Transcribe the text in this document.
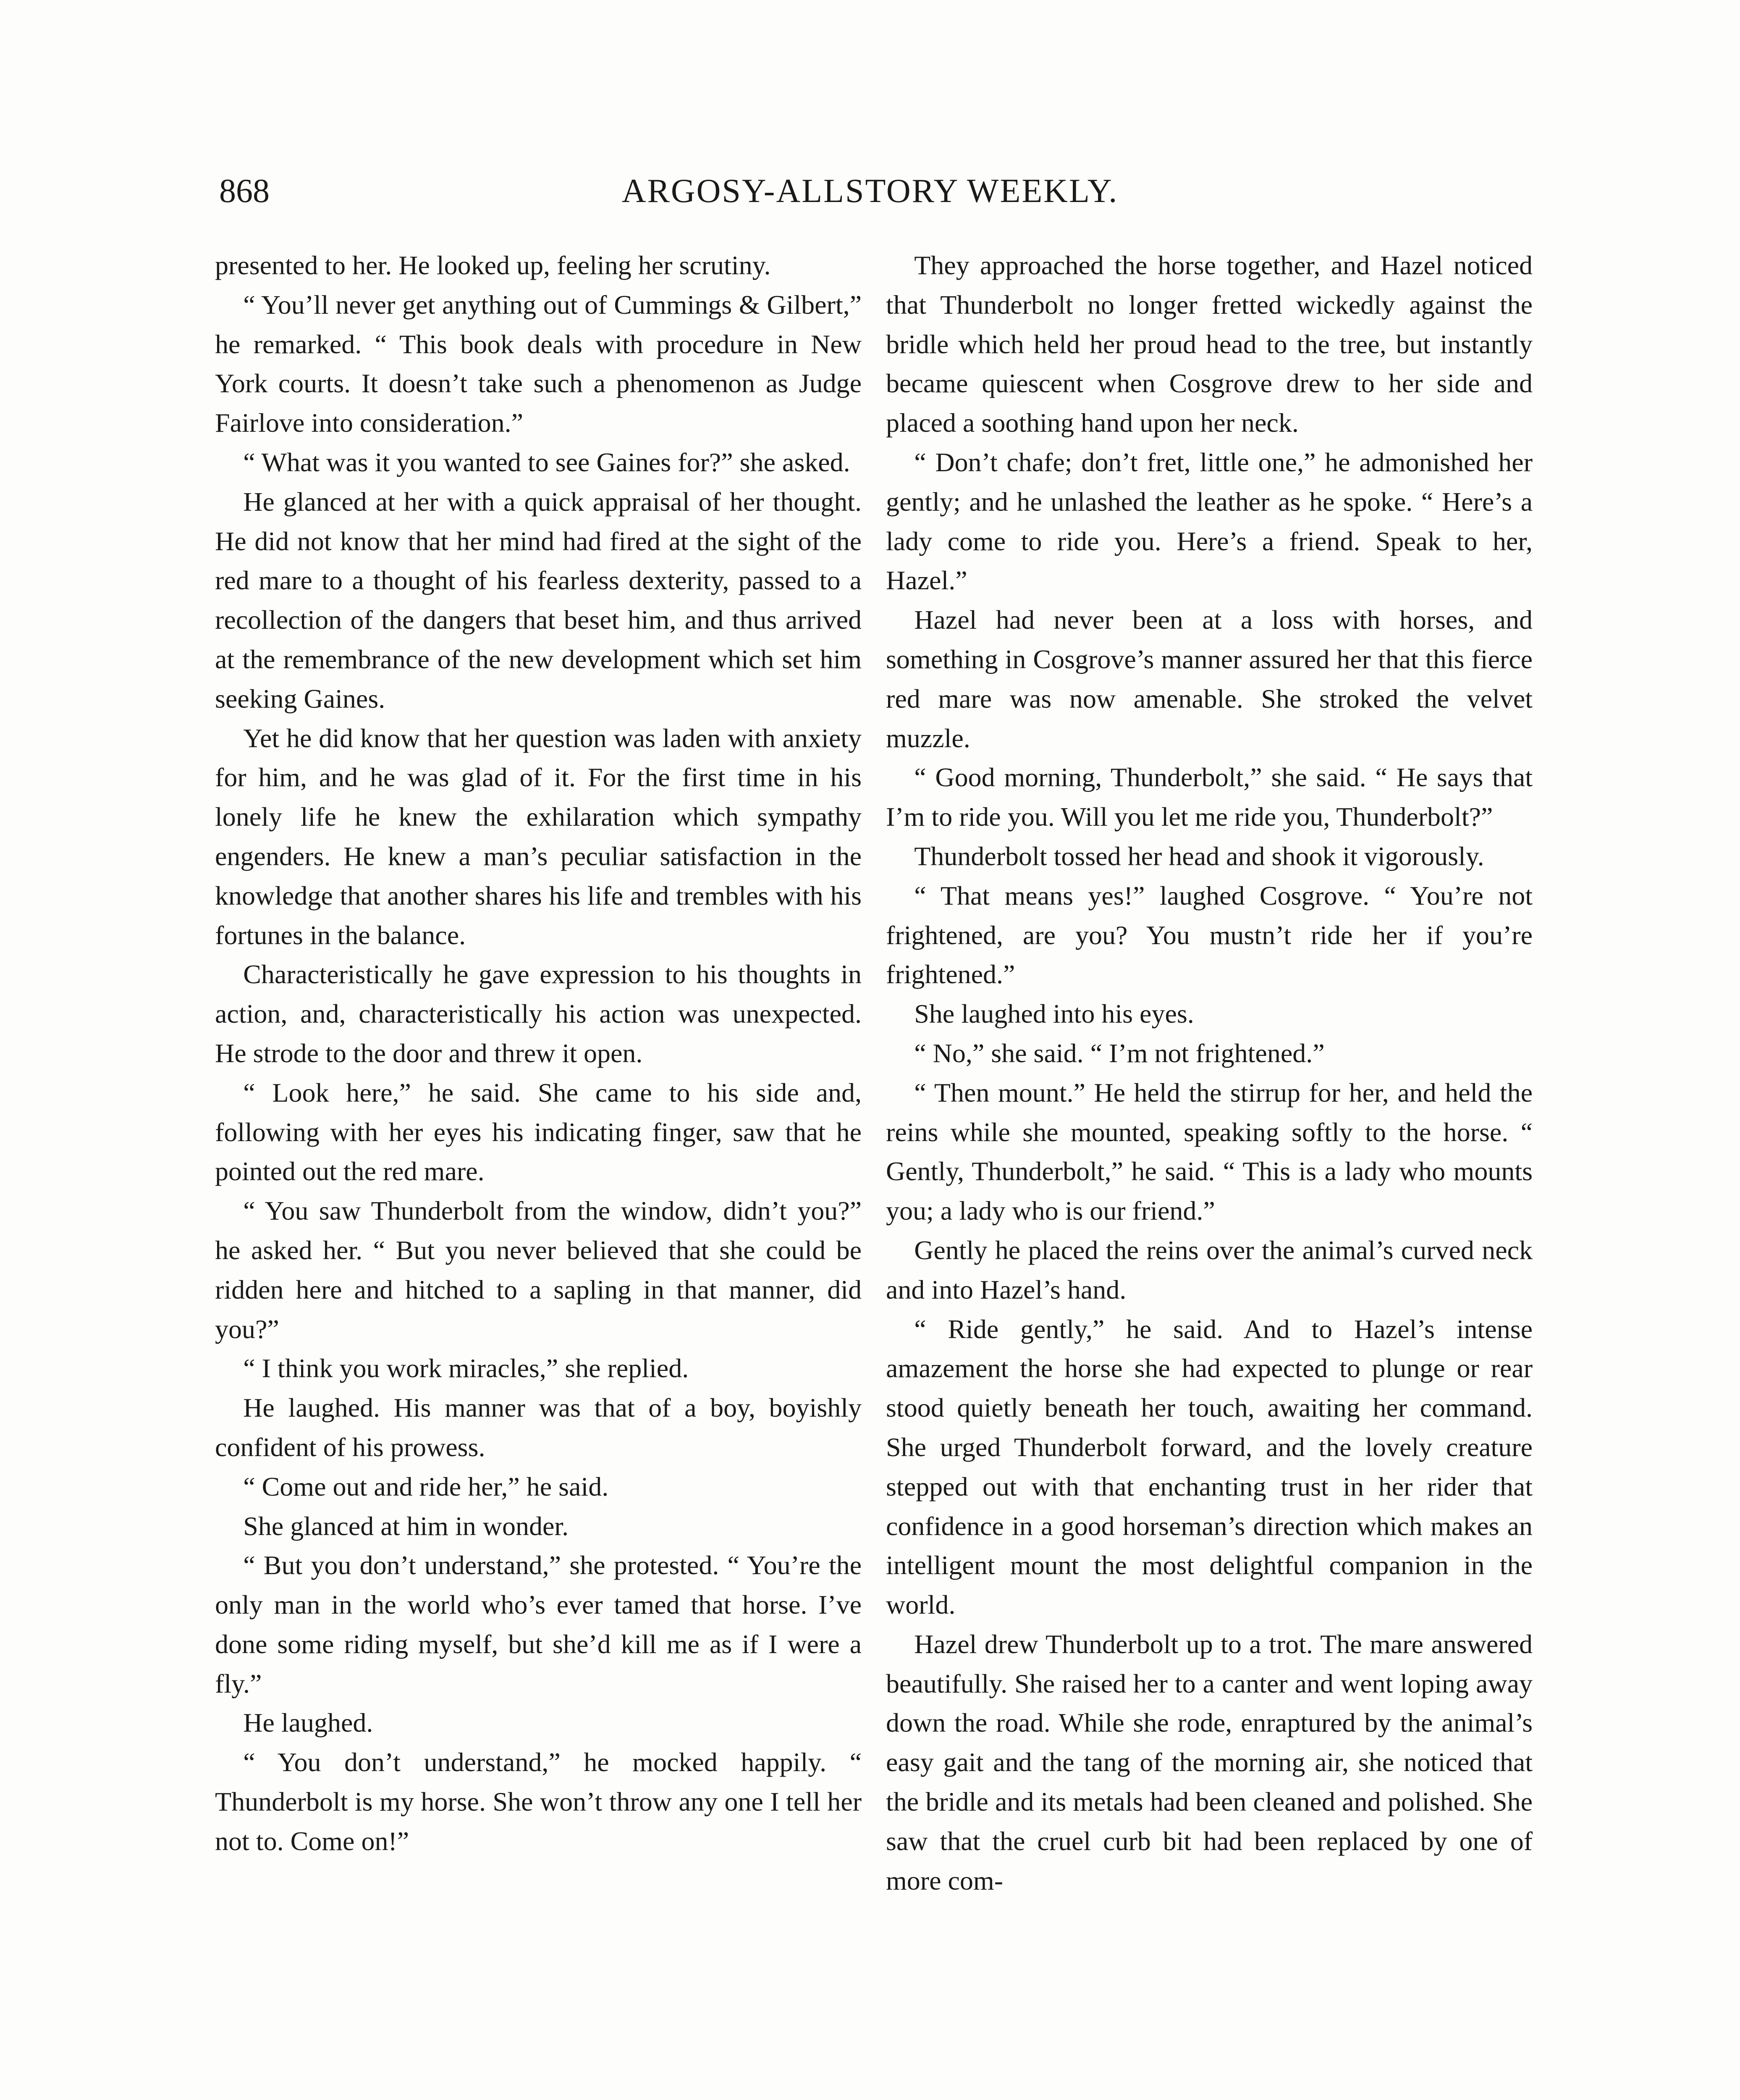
868	ARGOSY-ALLSTORY WEEKLY.

presented to her. He looked up, feeling her scrutiny.

“ You’ll never get anything out of Cummings & Gilbert,” he remarked. “ This book deals with procedure in New York courts. It doesn’t take such a phenomenon as Judge Fairlove into consideration.”

“ What was it you wanted to see Gaines for?” she asked.

He glanced at her with a quick appraisal of her thought. He did not know that her mind had fired at the sight of the red mare to a thought of his fearless dexterity, passed to a recollection of the dangers that beset him, and thus arrived at the remembrance of the new development which set him seeking Gaines.

Yet he did know that her question was laden with anxiety for him, and he was glad of it. For the first time in his lonely life he knew the exhilaration which sympathy engenders. He knew a man’s peculiar satisfaction in the knowledge that another shares his life and trembles with his fortunes in the balance.

Characteristically he gave expression to his thoughts in action, and, characteristically his action was unexpected. He strode to the door and threw it open.

“ Look here,” he said. She came to his side and, following with her eyes his indicating finger, saw that he pointed out the red mare.

“ You saw Thunderbolt from the window, didn’t you?” he asked her. “ But you never believed that she could be ridden here and hitched to a sapling in that manner, did you?”

“ I think you work miracles,” she replied.

He laughed. His manner was that of a boy, boyishly confident of his prowess.

“ Come out and ride her,” he said.

She glanced at him in wonder.

“ But you don’t understand,” she protested. “ You’re the only man in the world who’s ever tamed that horse. I’ve done some riding myself, but she’d kill me as if I were a fly.”

He laughed.

“ You don’t understand,” he mocked happily. “ Thunderbolt is my horse. She won’t throw any one I tell her not to. Come on!”

They approached the horse together, and Hazel noticed that Thunderbolt no longer fretted wickedly against the bridle which held her proud head to the tree, but instantly became quiescent when Cosgrove drew to her side and placed a soothing hand upon her neck.

“ Don’t chafe; don’t fret, little one,” he admonished her gently; and he unlashed the leather as he spoke. “ Here’s a lady come to ride you. Here’s a friend. Speak to her, Hazel.”

Hazel had never been at a loss with horses, and something in Cosgrove’s manner assured her that this fierce red mare was now amenable. She stroked the velvet muzzle.

“ Good morning, Thunderbolt,” she said. “ He says that I’m to ride you. Will you let me ride you, Thunderbolt?”

Thunderbolt tossed her head and shook it vigorously.

“ That means yes!” laughed Cosgrove. “ You’re not frightened, are you? You mustn’t ride her if you’re frightened.”

She laughed into his eyes.

“ No,” she said. “ I’m not frightened.”

“ Then mount.” He held the stirrup for her, and held the reins while she mounted, speaking softly to the horse. “ Gently, Thunderbolt,” he said. “ This is a lady who mounts you; a lady who is our friend.”

Gently he placed the reins over the animal’s curved neck and into Hazel’s hand.

“ Ride gently,” he said. And to Hazel’s intense amazement the horse she had expected to plunge or rear stood quietly beneath her touch, awaiting her command. She urged Thunderbolt forward, and the lovely creature stepped out with that enchanting trust in her rider that confidence in a good horseman’s direction which makes an intelligent mount the most delightful companion in the world.

Hazel drew Thunderbolt up to a trot. The mare answered beautifully. She raised her to a canter and went loping away down the road. While she rode, enraptured by the animal’s easy gait and the tang of the morning air, she noticed that the bridle and its metals had been cleaned and polished. She saw that the cruel curb bit had been replaced by one of more com-
